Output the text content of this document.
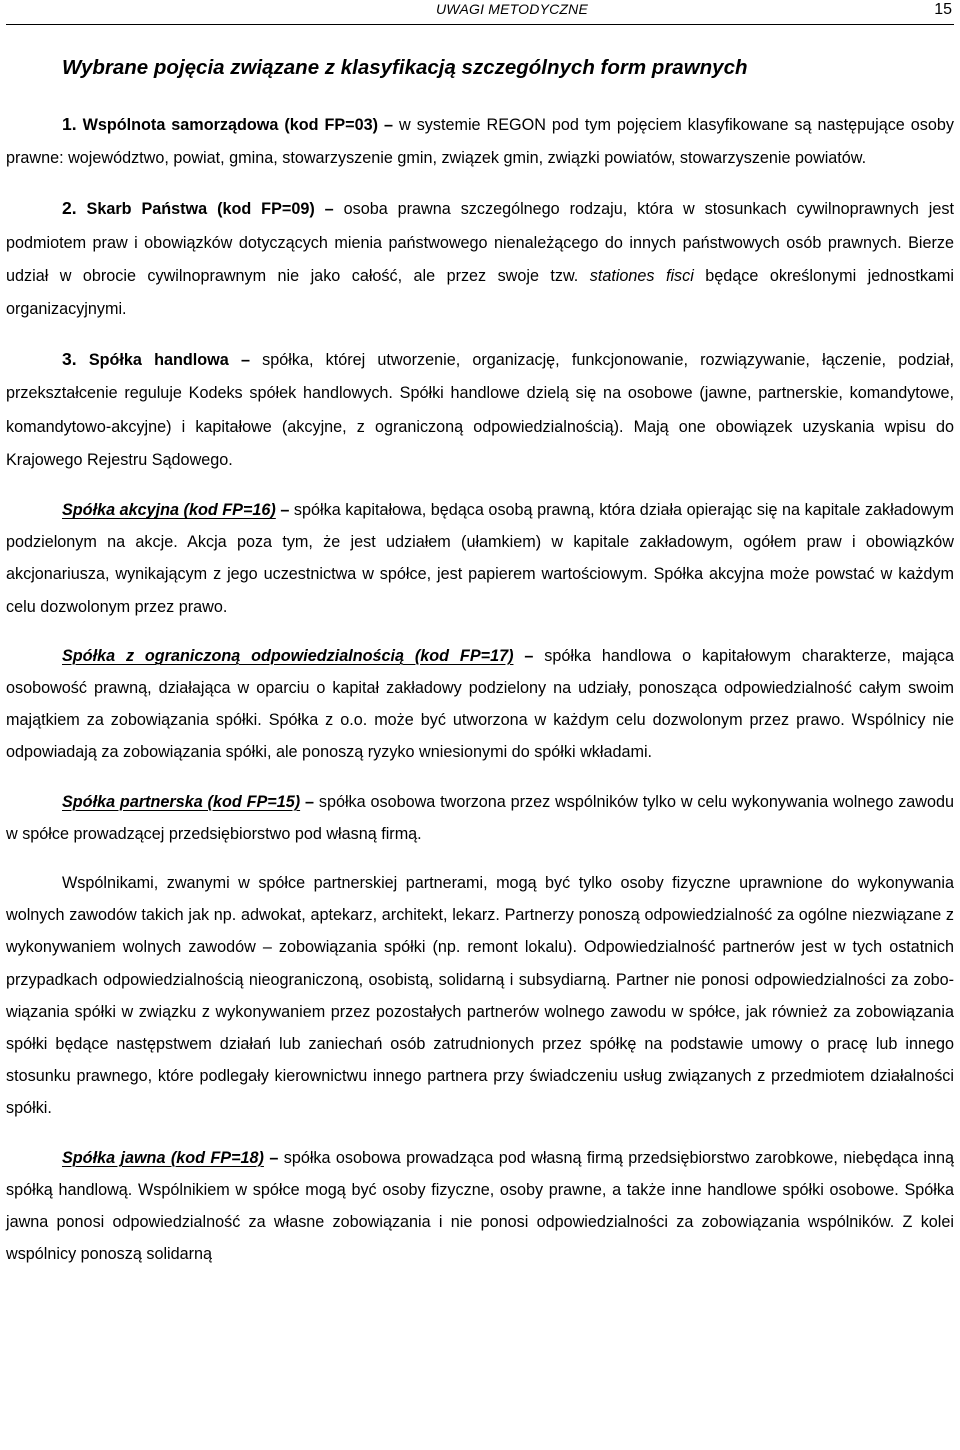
UWAGI METODYCZNE	15
Wybrane pojęcia związane z klasyfikacją szczególnych form prawnych

1. Wspólnota samorządowa (kod FP=03) – w systemie REGON pod tym pojęciem klasyfikowane są następujące osoby prawne: województwo, powiat, gmina, stowarzyszenie gmin, związek gmin, związki powiatów, stowarzyszenie powiatów.

2. Skarb Państwa (kod FP=09) – osoba prawna szczególnego rodzaju, która w stosunkach cywilnoprawnych jest podmiotem praw i obowiązków dotyczących mienia państwowego nienależącego do innych państwowych osób prawnych. Bierze udział w obrocie cywilnoprawnym nie jako całość, ale przez swoje tzw. stationes fisci będące określonymi jednostkami organizacyjnymi.

3. Spółka handlowa – spółka, której utworzenie, organizację, funkcjonowanie, rozwiązywanie, łączenie, podział, przekształcenie reguluje Kodeks spółek handlowych. Spółki handlowe dzielą się na osobowe (jawne, partnerskie, komandytowe, komandytowo-akcyjne) i kapitałowe (akcyjne, z ograniczoną odpowiedzialnością). Mają one obowiązek uzyskania wpisu do Krajowego Rejestru Sądowego.

Spółka akcyjna (kod FP=16) – spółka kapitałowa, będąca osobą prawną, która działa opierając się na kapitale zakładowym podzielonym na akcje. Akcja poza tym, że jest udziałem (ułamkiem) w kapitale zakładowym, ogółem praw i obowiązków akcjonariusza, wynikającym z jego uczestnictwa w spółce, jest papierem wartościowym. Spółka akcyjna może powstać w każdym celu dozwolonym przez prawo.

Spółka z ograniczoną odpowiedzialnością (kod FP=17) – spółka handlowa o kapitałowym charakterze, mająca osobowość prawną, działająca w oparciu o kapitał zakładowy podzielony na udziały, ponosząca odpowiedzialność całym swoim majątkiem za zobowiązania spółki. Spółka z o.o. może być utworzona w każdym celu dozwolonym przez prawo. Wspólnicy nie odpowiadają za zobowiązania spółki, ale ponoszą ryzyko wniesionymi do spółki wkładami.

Spółka partnerska (kod FP=15) – spółka osobowa tworzona przez wspólników tylko w celu wykonywania wolnego zawodu w spółce prowadzącej przedsiębiorstwo pod własną firmą.

Wspólnikami, zwanymi w spółce partnerskiej partnerami, mogą być tylko osoby fizyczne uprawnione do wykonywania wolnych zawodów takich jak np. adwokat, aptekarz, architekt, lekarz. Partnerzy ponoszą odpowiedzialność za ogólne niezwiązane z wykonywaniem wolnych zawodów – zobowiązania spółki (np. remont lokalu). Odpowiedzialność partnerów jest w tych ostatnich przypadkach odpowiedzialnością nieograniczoną, osobistą, solidarną i subsydiarną. Partner nie ponosi odpowiedzialności za zobowiązania spółki w związku z wykonywaniem przez pozostałych partnerów wolnego zawodu w spółce, jak również za zobowiązania spółki będące następstwem działań lub zaniechań osób zatrudnionych przez spółkę na podstawie umowy o pracę lub innego stosunku prawnego, które podlegały kierownictwu innego partnera przy świadczeniu usług związanych z przedmiotem działalności spółki.

Spółka jawna (kod FP=18) – spółka osobowa prowadząca pod własną firmą przedsiębiorstwo zarobkowe, niebędąca inną spółką handlową. Wspólnikiem w spółce mogą być osoby fizyczne, osoby prawne, a także inne handlowe spółki osobowe. Spółka jawna ponosi odpowiedzialność za własne zobowiązania i nie ponosi odpowiedzialności za zobowiązania wspólników. Z kolei wspólnicy ponoszą solidarną
